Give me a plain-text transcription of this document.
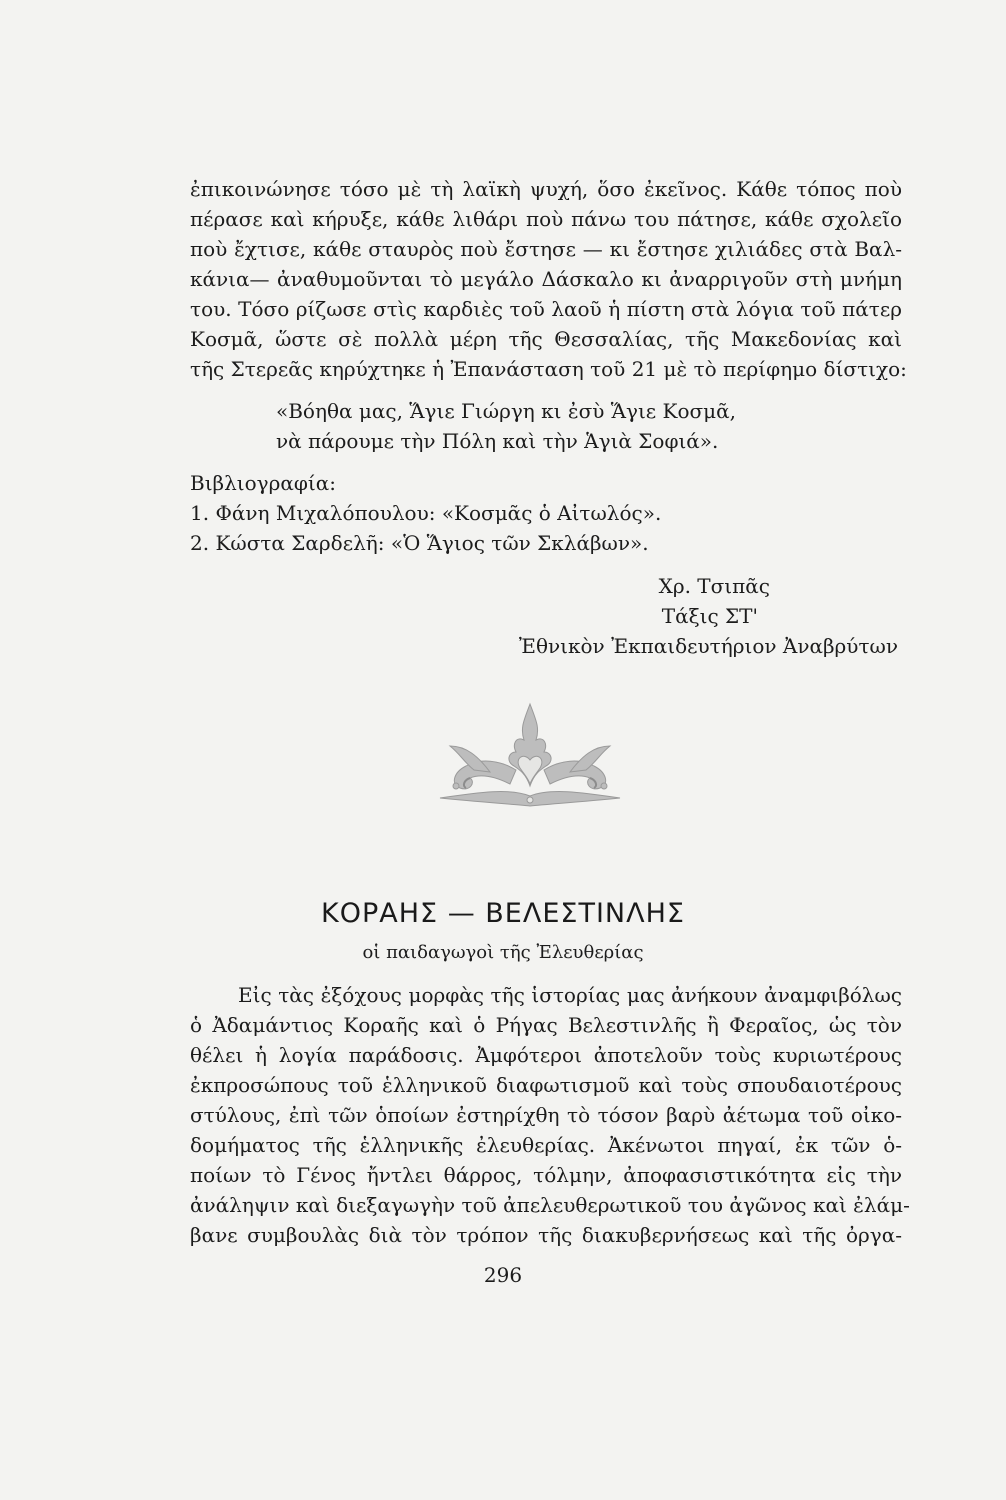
ἐπικοινώνησε τόσο μὲ τὴ λαϊκὴ ψυχή, ὅσο ἐκεῖνος. Κάθε τόπος ποὺ
πέρασε καὶ κήρυξε, κάθε λιθάρι ποὺ πάνω του πάτησε, κάθε σχολεῖο
ποὺ ἔχτισε, κάθε σταυρὸς ποὺ ἔστησε — κι ἔστησε χιλιάδες στὰ Βαλ-
κάνια— ἀναθυμοῦνται τὸ μεγάλο Δάσκαλο κι ἀναρριγοῦν στὴ μνήμη
του. Τόσο ρίζωσε στὶς καρδιὲς τοῦ λαοῦ ἡ πίστη στὰ λόγια τοῦ πάτερ
Κοσμᾶ, ὥστε σὲ πολλὰ μέρη τῆς Θεσσαλίας, τῆς Μακεδονίας καὶ
τῆς Στερεᾶς κηρύχτηκε ἡ Ἐπανάσταση τοῦ 21 μὲ τὸ περίφημο δίστιχο:
«Βόηθα μας, Ἅγιε Γιώργη κι ἐσὺ Ἅγιε Κοσμᾶ,
νὰ πάρουμε τὴν Πόλη καὶ τὴν Ἁγιὰ Σοφιά».
Βιβλιογραφία:
1. Φάνη Μιχαλόπουλου: «Κοσμᾶς ὁ Αἰτωλός».
2. Κώστα Σαρδελῆ: «Ὁ Ἅγιος τῶν Σκλάβων».
Χρ. Τσιπᾶς
Τάξις ΣΤ'
Ἐθνικὸν Ἐκπαιδευτήριον Ἀναβρύτων
ΚΟΡΑΗΣ — ΒΕΛΕΣΤΙΝΛΗΣ
οἱ παιδαγωγοὶ τῆς Ἐλευθερίας
Εἰς τὰς ἐξόχους μορφὰς τῆς ἱστορίας μας ἀνήκουν ἀναμφιβόλως
ὁ Ἀδαμάντιος Κοραῆς καὶ ὁ Ρήγας Βελεστινλῆς ἢ Φεραῖος, ὡς τὸν
θέλει ἡ λογία παράδοσις. Ἀμφότεροι ἀποτελοῦν τοὺς κυριωτέρους
ἐκπροσώπους τοῦ ἑλληνικοῦ διαφωτισμοῦ καὶ τοὺς σπουδαιοτέρους
στύλους, ἐπὶ τῶν ὁποίων ἐστηρίχθη τὸ τόσον βαρὺ ἀέτωμα τοῦ οἰκο-
δομήματος τῆς ἑλληνικῆς ἐλευθερίας. Ἀκένωτοι πηγαί, ἐκ τῶν ὁ-
ποίων τὸ Γένος ἤντλει θάρρος, τόλμην, ἀποφασιστικότητα εἰς τὴν
ἀνάληψιν καὶ διεξαγωγὴν τοῦ ἀπελευθερωτικοῦ του ἀγῶνος καὶ ἐλάμ-
βανε συμβουλὰς διὰ τὸν τρόπον τῆς διακυβερνήσεως καὶ τῆς ὀργα-
296
